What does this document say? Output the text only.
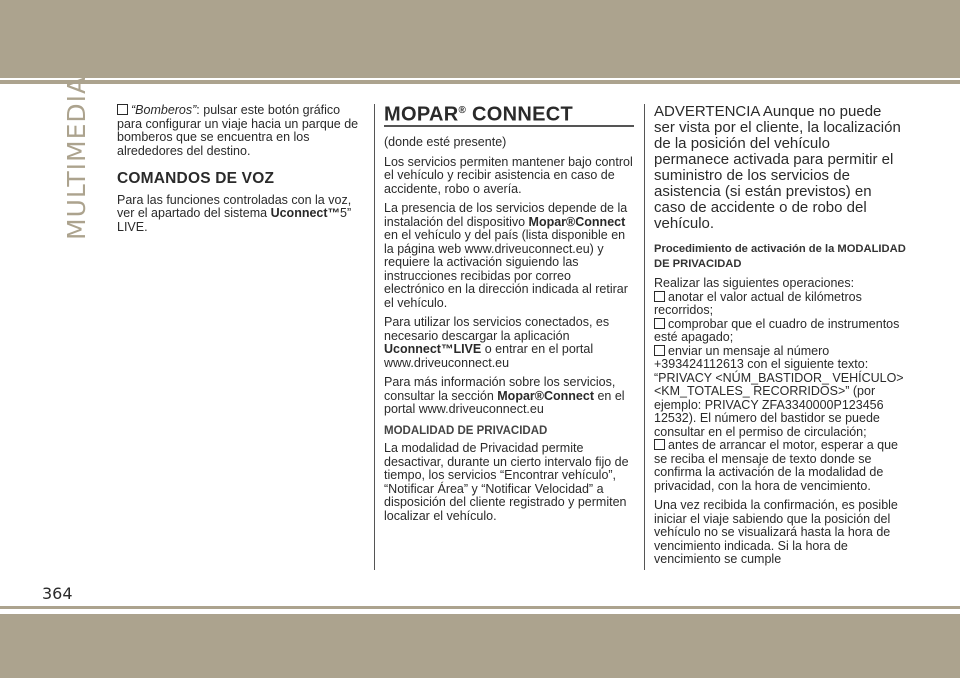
MULTIMEDIA	“Bomberos”: pulsar este botón gráfico para configurar un viaje hacia un parque de bomberos que se encuentra en los alrededores del destino.

COMANDOS DE VOZ

Para las funciones controladas con la voz, ver el apartado del sistema Uconnect™5” LIVE.

MOPAR® CONNECT

(donde esté presente)

Los servicios permiten mantener bajo control el vehículo y recibir asistencia en caso de accidente, robo o avería.

La presencia de los servicios depende de la instalación del dispositivo Mopar®Connect en el vehículo y del país (lista disponible en la página web www.driveuconnect.eu) y requiere la activación siguiendo las instrucciones recibidas por correo electrónico en la dirección indicada al retirar el vehículo.

Para utilizar los servicios conectados, es necesario descargar la aplicación Uconnect™LIVE o entrar en el portal www.driveuconnect.eu

Para más información sobre los servicios, consultar la sección Mopar®Connect en el portal www.driveuconnect.eu

MODALIDAD DE PRIVACIDAD

La modalidad de Privacidad permite desactivar, durante un cierto intervalo fijo de tiempo, los servicios “Encontrar vehículo”, “Notificar Área” y “Notificar Velocidad” a disposición del cliente registrado y permiten localizar el vehículo.

ADVERTENCIA Aunque no puede ser vista por el cliente, la localización de la posición del vehículo permanece activada para permitir el suministro de los servicios de asistencia (si están previstos) en caso de accidente o de robo del vehículo.

Procedimiento de activación de la MODALIDAD DE PRIVACIDAD

Realizar las siguientes operaciones:

anotar el valor actual de kilómetros recorridos;

comprobar que el cuadro de instrumentos esté apagado;

enviar un mensaje al número +393424112613 con el siguiente texto: “PRIVACY <NÚM_BASTIDOR_ VEHÍCULO> <KM_TOTALES_ RECORRIDOS>” (por ejemplo: PRIVACY ZFA3340000P123456 12532). El número del bastidor se puede consultar en el permiso de circulación;

antes de arrancar el motor, esperar a que se reciba el mensaje de texto donde se confirma la activación de la modalidad de privacidad, con la hora de vencimiento.

Una vez recibida la confirmación, es posible iniciar el viaje sabiendo que la posición del vehículo no se visualizará hasta la hora de vencimiento indicada. Si la hora de vencimiento se cumple

364
